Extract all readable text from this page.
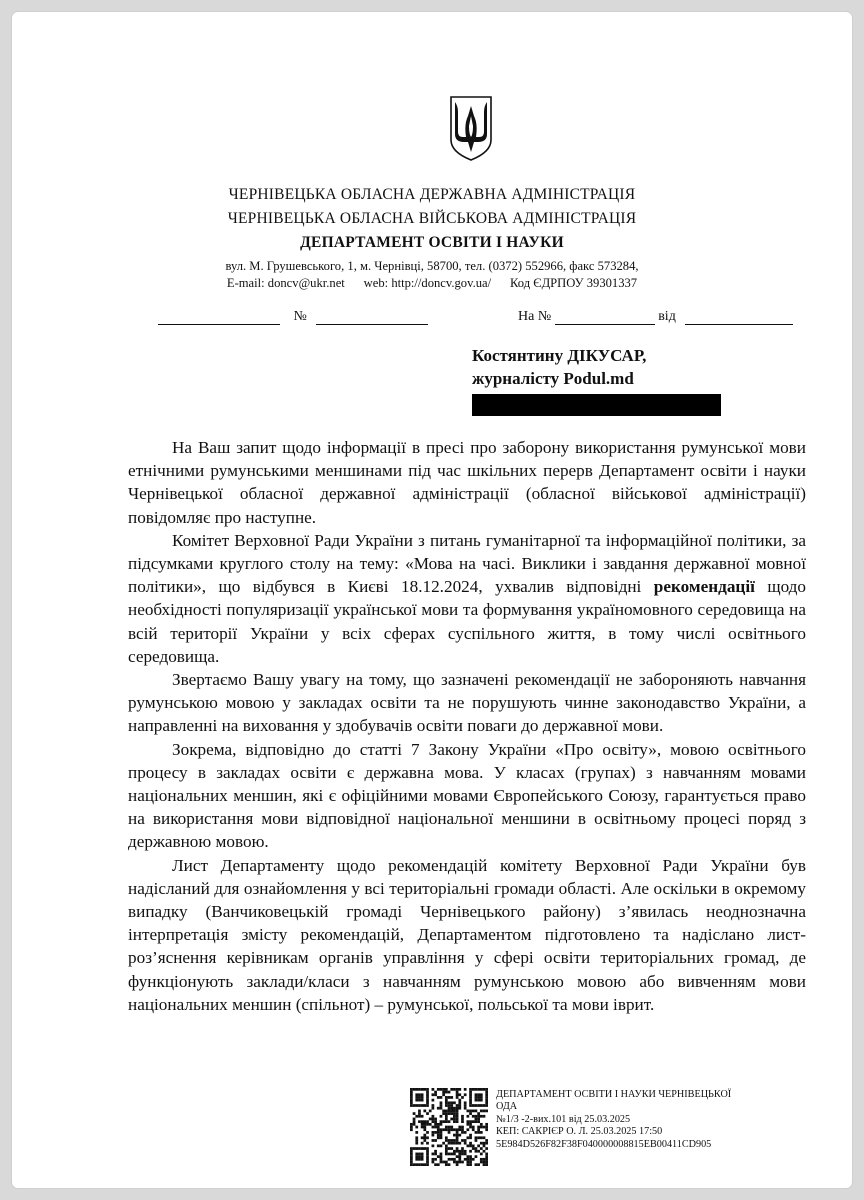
ЧЕРНІВЕЦЬКА ОБЛАСНА ДЕРЖАВНА АДМІНІСТРАЦІЯ
ЧЕРНІВЕЦЬКА ОБЛАСНА ВІЙСЬКОВА АДМІНІСТРАЦІЯ
ДЕПАРТАМЕНТ ОСВІТИ І НАУКИ
вул. М. Грушевського, 1, м. Чернівці, 58700, тел. (0372) 552966, факс 573284,
E-mail: doncv@ukr.net      web: http://doncv.gov.ua/      Код ЄДРПОУ 39301337
№	На №	від
Костянтину ДІКУСАР,
журналісту Podul.md

На Ваш запит щодо інформації в пресі про заборону використання румунської мови етнічними румунськими меншинами під час шкільних перерв Департамент освіти і науки Чернівецької обласної державної адміністрації (обласної військової адміністрації) повідомляє про наступне.

Комітет Верховної Ради України з питань гуманітарної та інформаційної політики, за підсумками круглого столу на тему: «Мова на часі. Виклики і завдання державної мовної політики», що відбувся в Києві 18.12.2024, ухвалив відповідні рекомендації щодо необхідності популяризації української мови та формування україномовного середовища на всій території України у всіх сферах суспільного життя, в тому числі освітнього середовища.

Звертаємо Вашу увагу на тому, що зазначені рекомендації не забороняють навчання румунською мовою у закладах освіти та не порушують чинне законодавство України, а направленні на виховання у здобувачів освіти поваги до державної мови.

Зокрема, відповідно до статті 7 Закону України «Про освіту», мовою освітнього процесу в закладах освіти є державна мова. У класах (групах) з навчанням мовами національних меншин, які є офіційними мовами Європейського Союзу, гарантується право на використання мови відповідної національної меншини в освітньому процесі поряд з державною мовою.

Лист Департаменту щодо рекомендацій комітету Верховної Ради України був надісланий для ознайомлення у всі територіальні громади області. Але оскільки в окремому випадку (Ванчиковецькій громаді Чернівецького району) з’явилась неоднозначна інтерпретація змісту рекомендацій, Департаментом підготовлено та надіслано лист-роз’яснення керівникам органів управління у сфері освіти територіальних громад, де функціонують заклади/класи з навчанням румунською мовою або вивченням мови національних меншин (спільнот) – румунської, польської та мови іврит.

ДЕПАРТАМЕНТ ОСВІТИ І НАУКИ ЧЕРНІВЕЦЬКОЇ
ОДА
№1/3 -2-вих.101 від 25.03.2025
КЕП: САКРІЄР О. Л. 25.03.2025 17:50
5E984D526F82F38F040000008815EB00411CD905
